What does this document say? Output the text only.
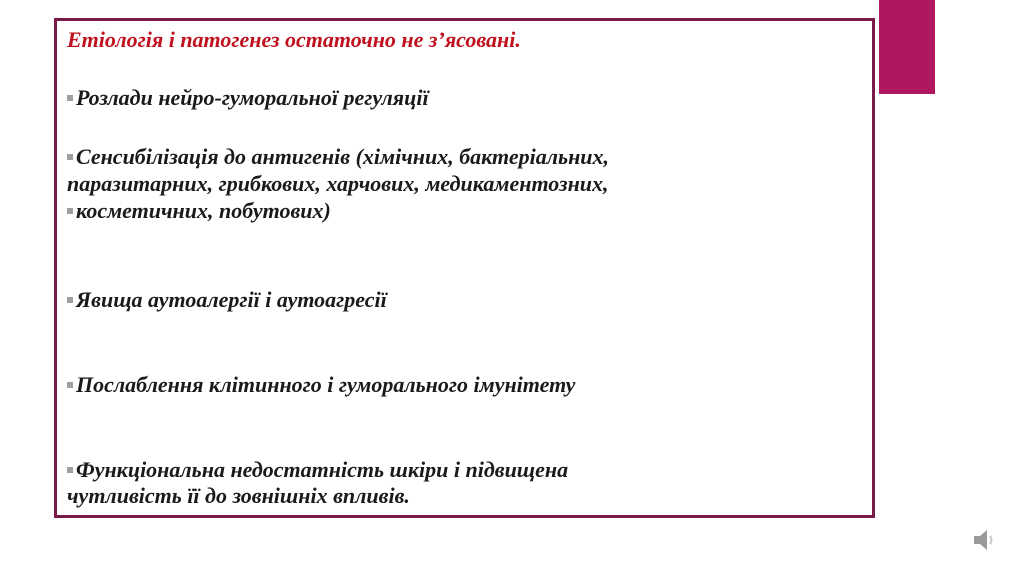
Етіологія і патогенез остаточно не з’ясовані.

Розлади нейро-гуморальної регуляції

Сенсибілізація до антигенів (хімічних, бактеріальних,

паразитарних, грибкових, харчових, медикаментозних,

косметичних, побутових)

Явища аутоалергії і аутоагресії

Послаблення клітинного і гуморального імунітету

Функціональна недостатність шкіри і підвищена

чутливість її до зовнішніх впливів.
